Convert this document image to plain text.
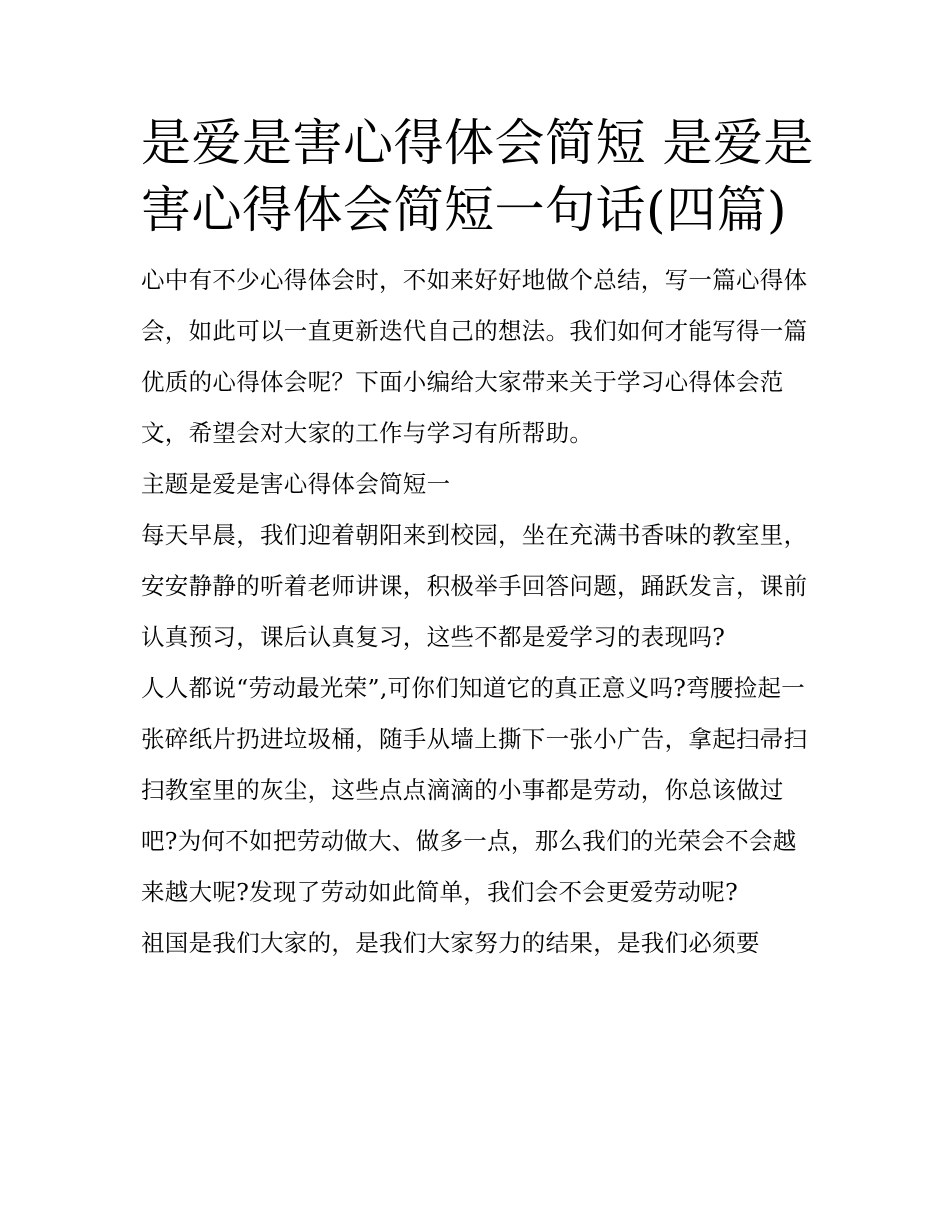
是爱是害心得体会简短 是爱是害心得体会简短一句话(四篇)

心中有不少心得体会时，不如来好好地做个总结，写一篇心得体会，如此可以一直更新迭代自己的想法。我们如何才能写得一篇优质的心得体会呢？下面小编给大家带来关于学习心得体会范文，希望会对大家的工作与学习有所帮助。

主题是爱是害心得体会简短一

每天早晨，我们迎着朝阳来到校园，坐在充满书香味的教室里，安安静静的听着老师讲课，积极举手回答问题，踊跃发言，课前认真预习，课后认真复习，这些不都是爱学习的表现吗?

人人都说“劳动最光荣”,可你们知道它的真正意义吗?弯腰捡起一张碎纸片扔进垃圾桶，随手从墙上撕下一张小广告，拿起扫帚扫扫教室里的灰尘，这些点点滴滴的小事都是劳动，你总该做过吧?为何不如把劳动做大、做多一点，那么我们的光荣会不会越来越大呢?发现了劳动如此简单，我们会不会更爱劳动呢?

祖国是我们大家的，是我们大家努力的结果，是我们必须要
